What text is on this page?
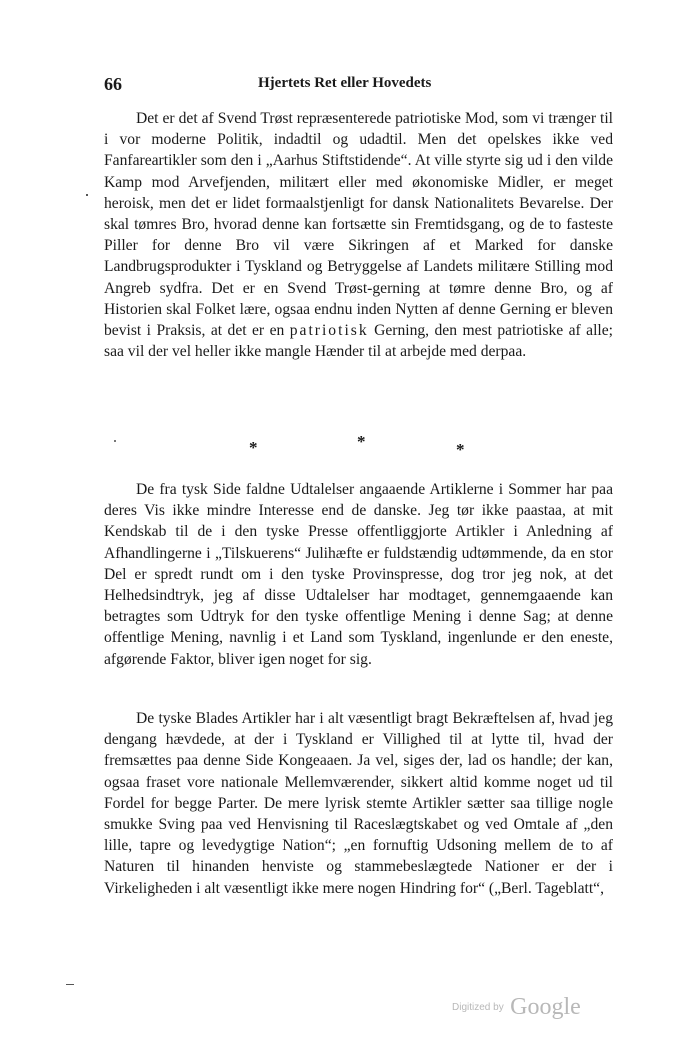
66	Hjertets Ret eller Hovedets

Det er det af Svend Trøst repræsenterede patriotiske Mod, som vi trænger til i vor moderne Politik, indadtil og udadtil. Men det opelskes ikke ved Fanfareartikler som den i „Aarhus Stiftstidende“. At ville styrte sig ud i den vilde Kamp mod Arvefjenden, militært eller med økonomiske Midler, er meget heroisk, men det er lidet formaalstjenligt for dansk Nationalitets Bevarelse. Der skal tømres Bro, hvorad denne kan fortsætte sin Fremtidsgang, og de to fasteste Piller for denne Bro vil være Sikringen af et Marked for danske Landbrugsprodukter i Tyskland og Betryggelse af Landets militære Stilling mod Angreb sydfra. Det er en Svend Trøst-gerning at tømre denne Bro, og af Historien skal Folket lære, ogsaa endnu inden Nytten af denne Gerning er bleven bevist i Praksis, at det er en patriotisk Gerning, den mest patriotiske af alle; saa vil der vel heller ikke mangle Hænder til at arbejde med derpaa.

*	*	*

De fra tysk Side faldne Udtalelser angaaende Artiklerne i Sommer har paa deres Vis ikke mindre Interesse end de danske. Jeg tør ikke paastaa, at mit Kendskab til de i den tyske Presse offentliggjorte Artikler i Anledning af Afhandlingerne i „Tilskuerens“ Julihæfte er fuldstændig udtømmende, da en stor Del er spredt rundt om i den tyske Provinspresse, dog tror jeg nok, at det Helhedsindtryk, jeg af disse Udtalelser har modtaget, gennemgaaende kan betragtes som Udtryk for den tyske offentlige Mening i denne Sag; at denne offentlige Mening, navnlig i et Land som Tyskland, ingenlunde er den eneste, afgørende Faktor, bliver igen noget for sig.

De tyske Blades Artikler har i alt væsentligt bragt Bekræftelsen af, hvad jeg dengang hævdede, at der i Tyskland er Villighed til at lytte til, hvad der fremsættes paa denne Side Kongeaaen. Ja vel, siges der, lad os handle; der kan, ogsaa fraset vore nationale Mellemværender, sikkert altid komme noget ud til Fordel for begge Parter. De mere lyrisk stemte Artikler sætter saa tillige nogle smukke Sving paa ved Henvisning til Raceslægtskabet og ved Omtale af „den lille, tapre og levedygtige Nation“; „en fornuftig Udsoning mellem de to af Naturen til hinanden henviste og stammebeslægtede Nationer er der i Virkeligheden i alt væsentligt ikke mere nogen Hindring for“ („Berl. Tageblatt“,

Digitized by Google
